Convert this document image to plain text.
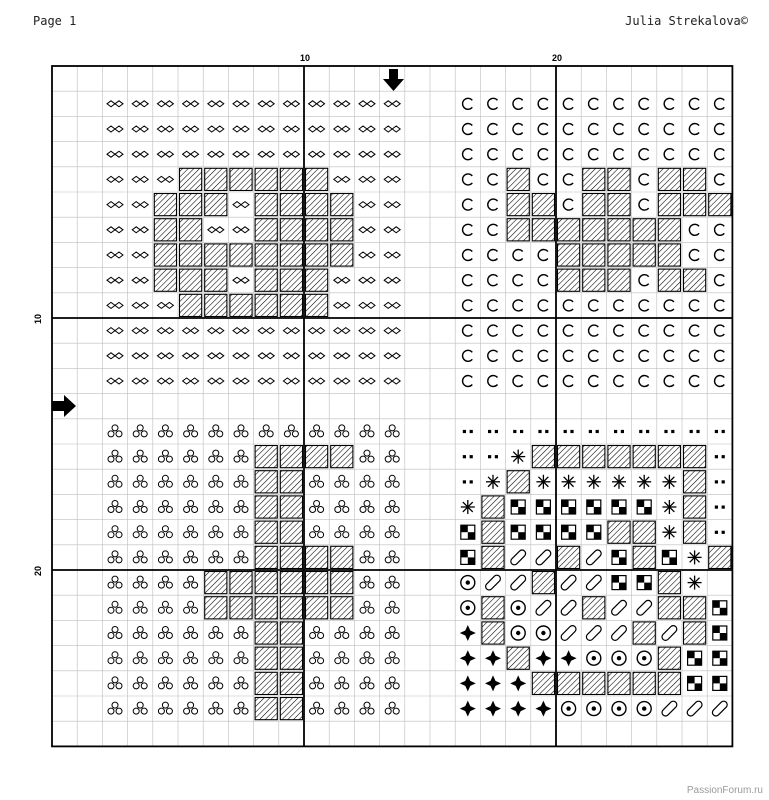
Page 1	Julia Strekalova©
10	20
10
20
PassionForum.ru
